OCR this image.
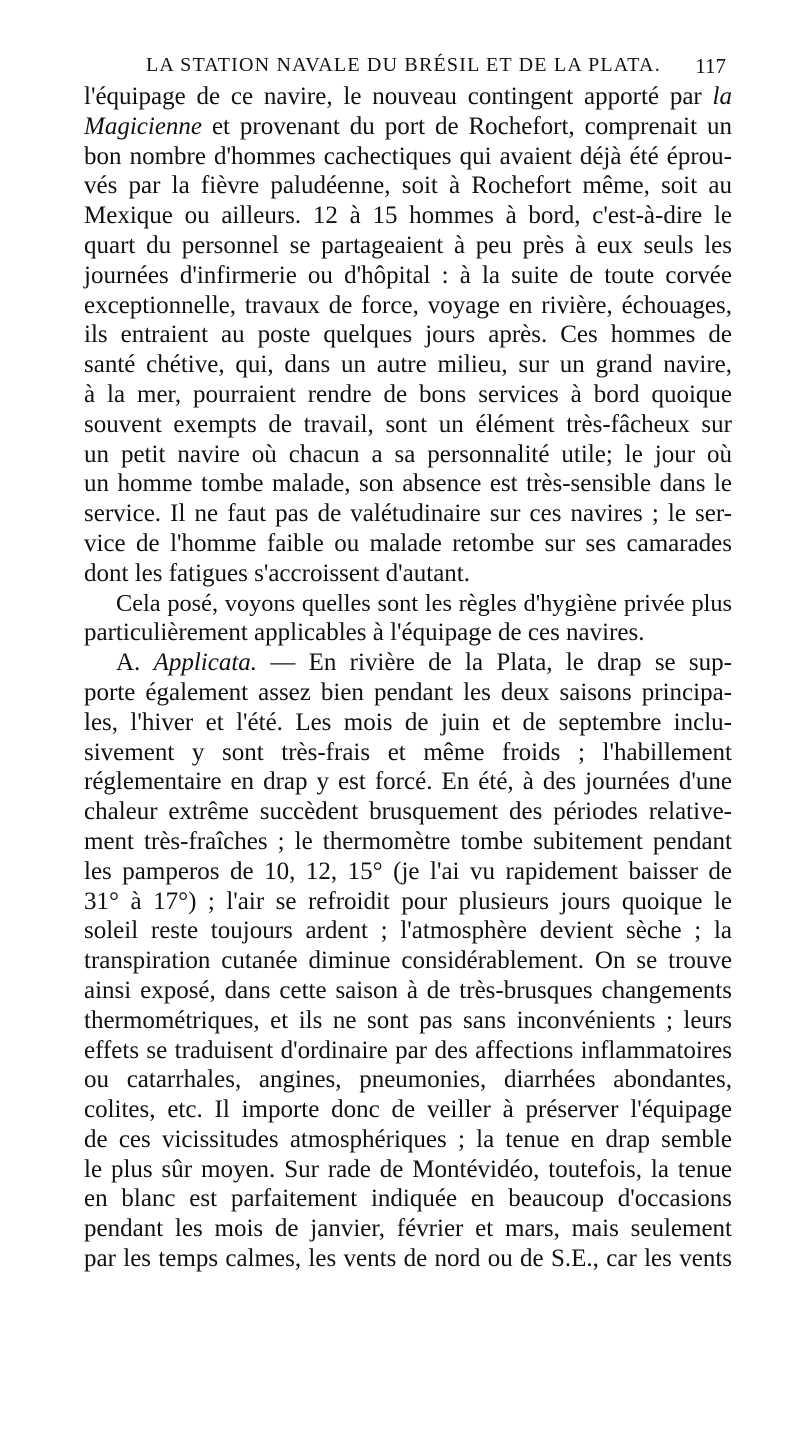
LA STATION NAVALE DU BRÉSIL ET DE LA PLATA. 117
l'équipage de ce navire, le nouveau contingent apporté par la
Magicienne et provenant du port de Rochefort, comprenait un
bon nombre d'hommes cachectiques qui avaient déjà été éprou-
vés par la fièvre paludéenne, soit à Rochefort même, soit au
Mexique ou ailleurs. 12 à 15 hommes à bord, c'est-à-dire le
quart du personnel se partageaient à peu près à eux seuls les
journées d'infirmerie ou d'hôpital : à la suite de toute corvée
exceptionnelle, travaux de force, voyage en rivière, échouages,
ils entraient au poste quelques jours après. Ces hommes de
santé chétive, qui, dans un autre milieu, sur un grand navire,
à la mer, pourraient rendre de bons services à bord quoique
souvent exempts de travail, sont un élément très-fâcheux sur
un petit navire où chacun a sa personnalité utile; le jour où
un homme tombe malade, son absence est très-sensible dans le
service. Il ne faut pas de valétudinaire sur ces navires ; le ser-
vice de l'homme faible ou malade retombe sur ses camarades
dont les fatigues s'accroissent d'autant.
Cela posé, voyons quelles sont les règles d'hygiène privée plus
particulièrement applicables à l'équipage de ces navires.
A. Applicata. — En rivière de la Plata, le drap se sup-
porte également assez bien pendant les deux saisons principa-
les, l'hiver et l'été. Les mois de juin et de septembre inclu-
sivement y sont très-frais et même froids ; l'habillement
réglementaire en drap y est forcé. En été, à des journées d'une
chaleur extrême succèdent brusquement des périodes relative-
ment très-fraîches ; le thermomètre tombe subitement pendant
les pamperos de 10, 12, 15° (je l'ai vu rapidement baisser de
31° à 17°) ; l'air se refroidit pour plusieurs jours quoique le
soleil reste toujours ardent ; l'atmosphère devient sèche ; la
transpiration cutanée diminue considérablement. On se trouve
ainsi exposé, dans cette saison à de très-brusques changements
thermométriques, et ils ne sont pas sans inconvénients ; leurs
effets se traduisent d'ordinaire par des affections inflammatoires
ou catarrhales, angines, pneumonies, diarrhées abondantes,
colites, etc. Il importe donc de veiller à préserver l'équipage
de ces vicissitudes atmosphériques ; la tenue en drap semble
le plus sûr moyen. Sur rade de Montévidéo, toutefois, la tenue
en blanc est parfaitement indiquée en beaucoup d'occasions
pendant les mois de janvier, février et mars, mais seulement
par les temps calmes, les vents de nord ou de S.E., car les vents
